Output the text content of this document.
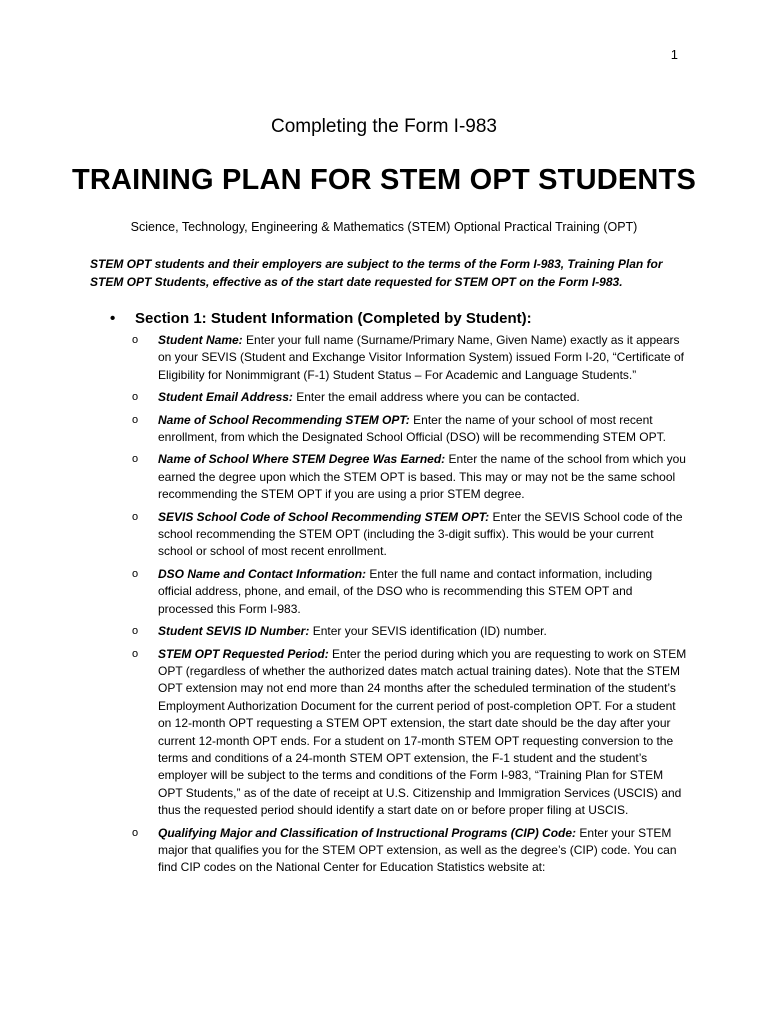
1
Completing the Form I-983
TRAINING PLAN FOR STEM OPT STUDENTS
Science, Technology, Engineering & Mathematics (STEM) Optional Practical Training (OPT)
STEM OPT students and their employers are subject to the terms of the Form I-983, Training Plan for STEM OPT Students, effective as of the start date requested for STEM OPT on the Form I-983.
• Section 1: Student Information (Completed by Student):
o Student Name: Enter your full name (Surname/Primary Name, Given Name) exactly as it appears on your SEVIS (Student and Exchange Visitor Information System) issued Form I-20, “Certificate of Eligibility for Nonimmigrant (F-1) Student Status – For Academic and Language Students.”
o Student Email Address: Enter the email address where you can be contacted.
o Name of School Recommending STEM OPT: Enter the name of your school of most recent enrollment, from which the Designated School Official (DSO) will be recommending STEM OPT.
o Name of School Where STEM Degree Was Earned: Enter the name of the school from which you earned the degree upon which the STEM OPT is based. This may or may not be the same school recommending the STEM OPT if you are using a prior STEM degree.
o SEVIS School Code of School Recommending STEM OPT: Enter the SEVIS School code of the school recommending the STEM OPT (including the 3-digit suffix). This would be your current school or school of most recent enrollment.
o DSO Name and Contact Information: Enter the full name and contact information, including official address, phone, and email, of the DSO who is recommending this STEM OPT and processed this Form I-983.
o Student SEVIS ID Number: Enter your SEVIS identification (ID) number.
o STEM OPT Requested Period: Enter the period during which you are requesting to work on STEM OPT (regardless of whether the authorized dates match actual training dates). Note that the STEM OPT extension may not end more than 24 months after the scheduled termination of the student’s Employment Authorization Document for the current period of post-completion OPT. For a student on 12-month OPT requesting a STEM OPT extension, the start date should be the day after your current 12-month OPT ends. For a student on 17-month STEM OPT requesting conversion to the terms and conditions of a 24-month STEM OPT extension, the F-1 student and the student’s employer will be subject to the terms and conditions of the Form I-983, “Training Plan for STEM OPT Students,” as of the date of receipt at U.S. Citizenship and Immigration Services (USCIS) and thus the requested period should identify a start date on or before proper filing at USCIS.
o Qualifying Major and Classification of Instructional Programs (CIP) Code: Enter your STEM major that qualifies you for the STEM OPT extension, as well as the degree’s (CIP) code. You can find CIP codes on the National Center for Education Statistics website at:
